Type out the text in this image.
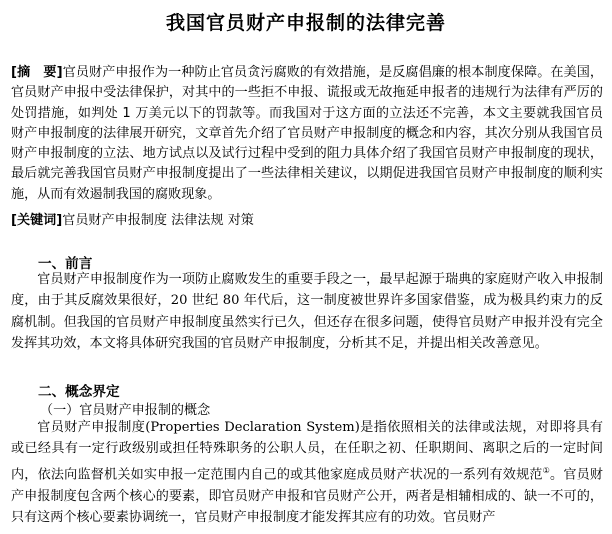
我国官员财产申报制的法律完善
[摘　要]官员财产申报作为一种防止官员贪污腐败的有效措施，是反腐倡廉的根本制度保障。在美国，官员财产申报中受法律保护，对其中的一些拒不申报、谎报或无故拖延申报者的违规行为法律有严厉的处罚措施，如判处 1 万美元以下的罚款等。而我国对于这方面的立法还不完善，本文主要就我国官员财产申报制度的法律展开研究，文章首先介绍了官员财产申报制度的概念和内容，其次分别从我国官员财产申报制度的立法、地方试点以及试行过程中受到的阻力具体介绍了我国官员财产申报制度的现状，最后就完善我国官员财产申报制度提出了一些法律相关建议，以期促进我国官员财产申报制度的顺利实施，从而有效遏制我国的腐败现象。
[关键词]官员财产申报制度 法律法规 对策
一、前言
官员财产申报制度作为一项防止腐败发生的重要手段之一，最早起源于瑞典的家庭财产收入申报制度，由于其反腐效果很好，20 世纪 80 年代后，这一制度被世界许多国家借鉴，成为极具约束力的反腐机制。但我国的官员财产申报制度虽然实行已久，但还存在很多问题，使得官员财产申报并没有完全发挥其功效，本文将具体研究我国的官员财产申报制度，分析其不足，并提出相关改善意见。
二、概念界定
（一）官员财产申报制的概念
官员财产申报制度(Properties Declaration System)是指依照相关的法律或法规，对即将具有或已经具有一定行政级别或担任特殊职务的公职人员，在任职之初、任职期间、离职之后的一定时间内，依法向监督机关如实申报一定范围内自己的或其他家庭成员财产状况的一系列有效规范①。官员财产申报制度包含两个核心的要素，即官员财产申报和官员财产公开，两者是相辅相成的、缺一不可的，只有这两个核心要素协调统一，官员财产申报制度才能发挥其应有的功效。官员财产
